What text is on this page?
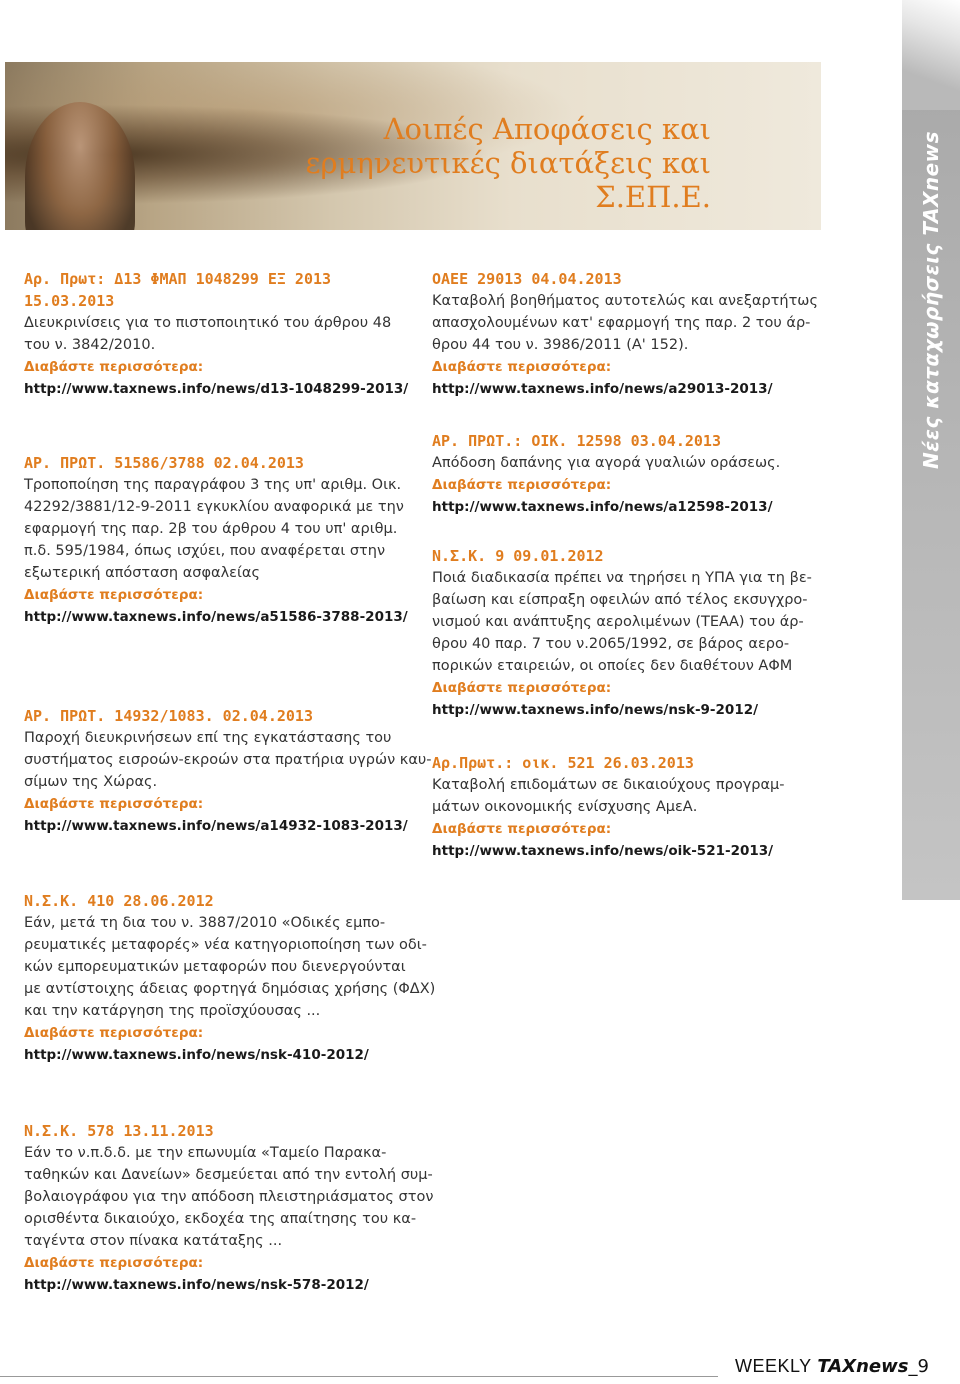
Λοιπές Αποφάσεις και
ερμηνευτικές διατάξεις και Σ.ΕΠ.Ε.	Νέες καταχωρήσεις TAXnews
Αρ. Πρωτ: Δ13 ΦΜΑΠ 1048299 ΕΞ 2013
15.03.2013
Διευκρινίσεις για το πιστοποιητικό του άρθρου 48
του ν. 3842/2010.
Διαβάστε περισσότερα:
http://www.taxnews.info/news/d13-1048299-2013/
ΑΡ. ΠΡΩΤ. 51586/3788 02.04.2013
Τροποποίηση της παραγράφου 3 της υπ' αριθμ. Οικ.
42292/3881/12-9-2011 εγκυκλίου αναφορικά με την
εφαρμογή της παρ. 2β του άρθρου 4 του υπ' αριθμ.
π.δ. 595/1984, όπως ισχύει, που αναφέρεται στην
εξωτερική απόσταση ασφαλείας
Διαβάστε περισσότερα:
http://www.taxnews.info/news/a51586-3788-2013/
ΑΡ. ΠΡΩΤ. 14932/1083. 02.04.2013
Παροχή διευκρινήσεων επί της εγκατάστασης του
συστήματος εισροών-εκροών στα πρατήρια υγρών καυ-
σίμων της Χώρας.
Διαβάστε περισσότερα:
http://www.taxnews.info/news/a14932-1083-2013/
Ν.Σ.Κ. 410 28.06.2012
Εάν, μετά τη δια του ν. 3887/2010 «Οδικές εμπο-
ρευματικές μεταφορές» νέα κατηγοριοποίηση των οδι-
κών εμπορευματικών μεταφορών που διενεργούνται
με αντίστοιχης άδειας φορτηγά δημόσιας χρήσης (ΦΔΧ)
και την κατάργηση της προϊσχύουσας ...
Διαβάστε περισσότερα:
http://www.taxnews.info/news/nsk-410-2012/
Ν.Σ.Κ. 578 13.11.2013
Εάν το ν.π.δ.δ. με την επωνυμία «Ταμείο Παρακα-
ταθηκών και Δανείων» δεσμεύεται από την εντολή συμ-
βολαιογράφου για την απόδοση πλειστηριάσματος στον
ορισθέντα δικαιούχο, εκδοχέα της απαίτησης του κα-
ταγέντα στον πίνακα κατάταξης ...
Διαβάστε περισσότερα:
http://www.taxnews.info/news/nsk-578-2012/
ΟΑΕΕ 29013 04.04.2013
Καταβολή βοηθήματος αυτοτελώς και ανεξαρτήτως
απασχολουμένων κατ' εφαρμογή της παρ. 2 του άρ-
θρου 44 του ν. 3986/2011 (Α' 152).
Διαβάστε περισσότερα:
http://www.taxnews.info/news/a29013-2013/
ΑΡ. ΠΡΩΤ.: ΟΙΚ. 12598 03.04.2013
Απόδοση δαπάνης για αγορά γυαλιών οράσεως.
Διαβάστε περισσότερα:
http://www.taxnews.info/news/a12598-2013/
Ν.Σ.Κ. 9 09.01.2012
Ποιά διαδικασία πρέπει να τηρήσει η ΥΠΑ για τη βε-
βαίωση και είσπραξη οφειλών από τέλος εκσυγχρο-
νισμού και ανάπτυξης αερολιμένων (ΤΕΑΑ) του άρ-
θρου 40 παρ. 7 του ν.2065/1992, σε βάρος αερο-
πορικών εταιρειών, οι οποίες δεν διαθέτουν ΑΦΜ
Διαβάστε περισσότερα:
http://www.taxnews.info/news/nsk-9-2012/
Αρ.Πρωτ.: οικ. 521 26.03.2013
Καταβολή επιδομάτων σε δικαιούχους προγραμ-
μάτων οικονομικής ενίσχυσης ΑμεΑ.
Διαβάστε περισσότερα:
http://www.taxnews.info/news/oik-521-2013/
WEEKLY TAXnews_9
